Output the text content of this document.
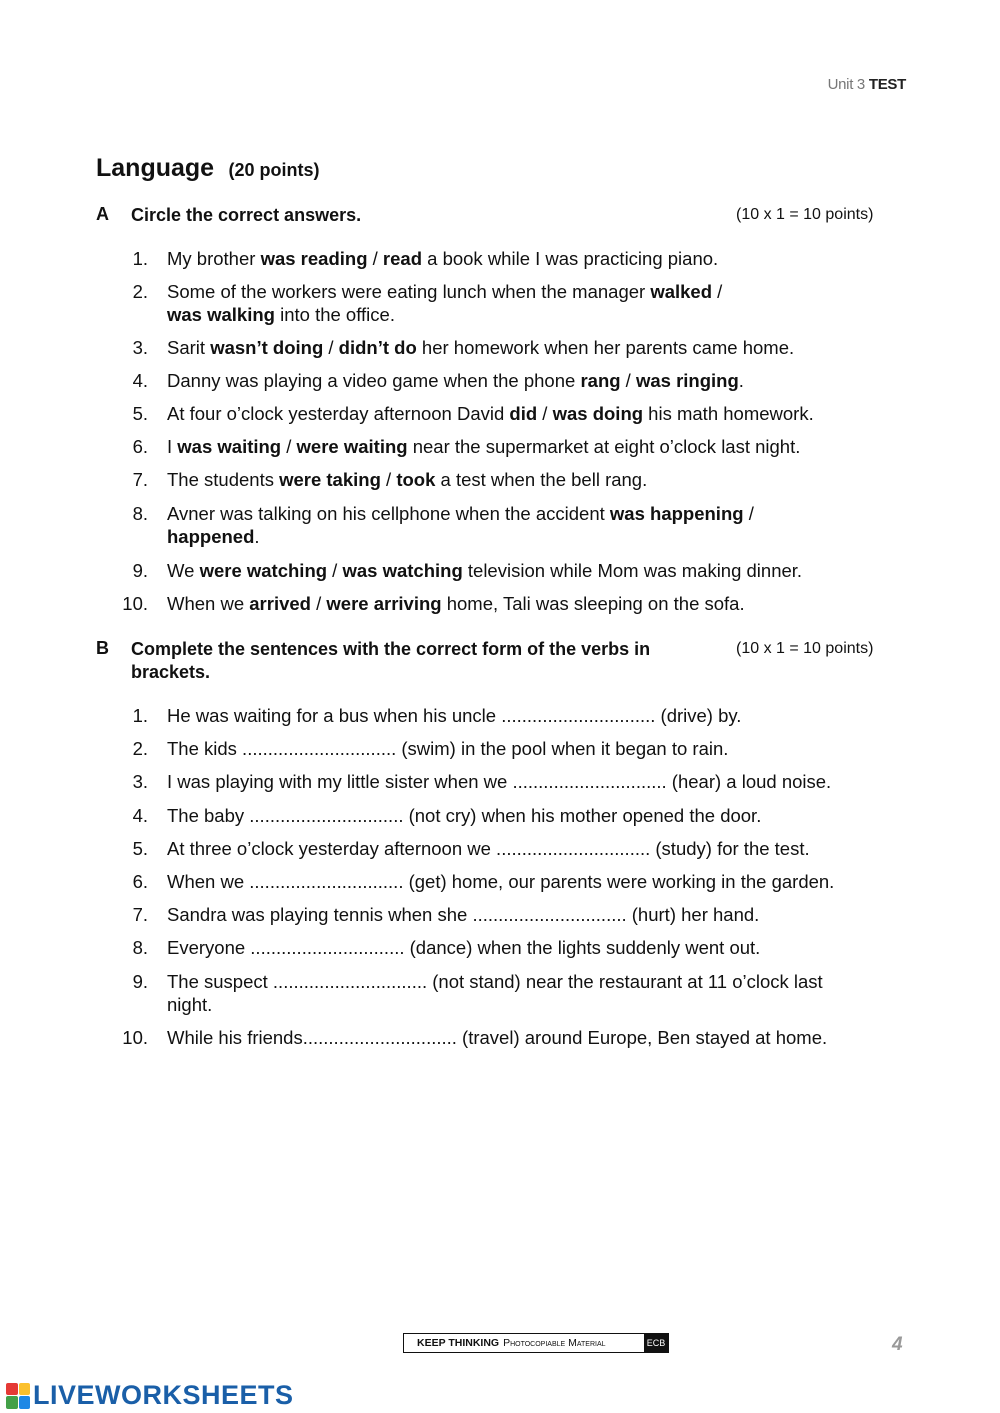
Unit 3 TEST
Language (20 points)
A Circle the correct answers.	(10 x 1 = 10 points)
1. My brother was reading / read a book while I was practicing piano.
2. Some of the workers were eating lunch when the manager walked /
was walking into the office.
3. Sarit wasn’t doing / didn’t do her homework when her parents came home.
4. Danny was playing a video game when the phone rang / was ringing.
5. At four o’clock yesterday afternoon David did / was doing his math homework.
6. I was waiting / were waiting near the supermarket at eight o’clock last night.
7. The students were taking / took a test when the bell rang.
8. Avner was talking on his cellphone when the accident was happening /
happened.
9. We were watching / was watching television while Mom was making dinner.
10. When we arrived / were arriving home, Tali was sleeping on the sofa.
B Complete the sentences with the correct form of the verbs in brackets.
(10 x 1 = 10 points)
1. He was waiting for a bus when his uncle .............................. (drive) by.
2. The kids .............................. (swim) in the pool when it began to rain.
3. I was playing with my little sister when we .............................. (hear) a loud noise.
4. The baby .............................. (not cry) when his mother opened the door.
5. At three o’clock yesterday afternoon we .............................. (study) for the test.
6. When we .............................. (get) home, our parents were working in the garden.
7. Sandra was playing tennis when she .............................. (hurt) her hand.
8. Everyone .............................. (dance) when the lights suddenly went out.
9. The suspect .............................. (not stand) near the restaurant at 11 o’clock last
night.
10. While his friends.............................. (travel) around Europe, Ben stayed at home.
KEEP THINKING Photocopiable Material	ECB	4
LIVEWORKSHEETS
